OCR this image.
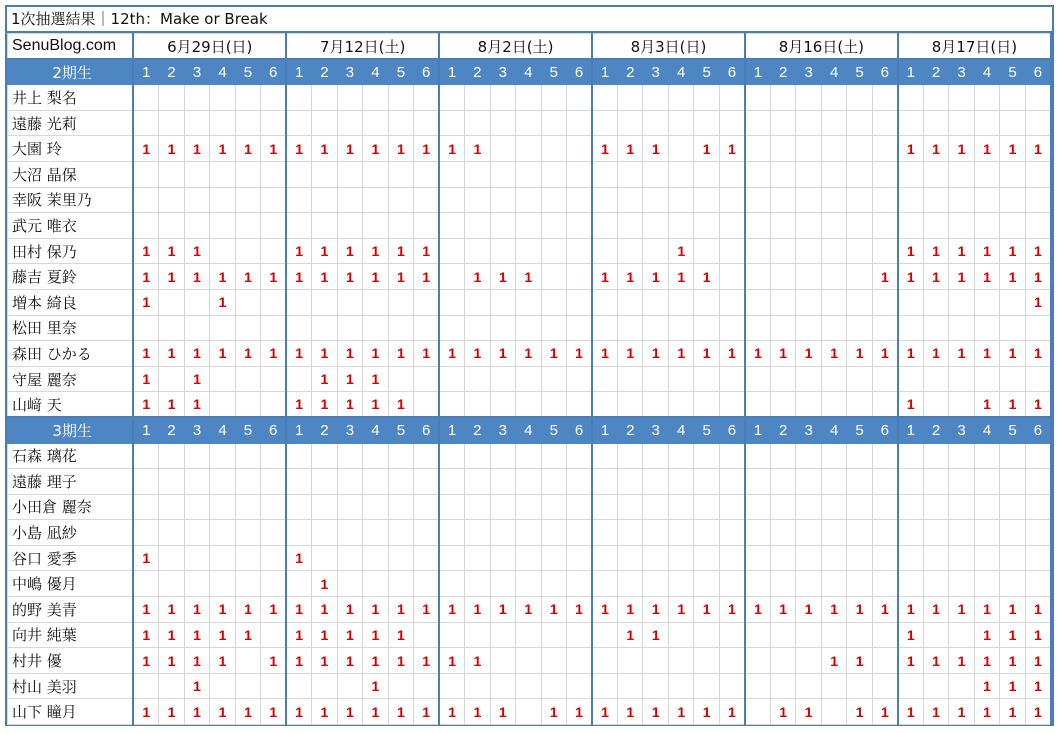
1次抽選結果｜12th：Make or Break
SenuBlog.com	6月29日(日)						7月12日(土)						8月2日(土)						8月3日(日)						8月16日(土)						8月17日(日)					
2期生	1	2	3	4	5	6	1	2	3	4	5	6	1	2	3	4	5	6	1	2	3	4	5	6	1	2	3	4	5	6	1	2	3	4	5	6
井上 梨名																																				
遠藤 光莉																																				
大園 玲	1	1	1	1	1	1	1	1	1	1	1	1	1	1					1	1	1		1	1							1	1	1	1	1	1
大沼 晶保																																				
幸阪 茉里乃																																				
武元 唯衣																																				
田村 保乃	1	1	1				1	1	1	1	1	1										1									1	1	1	1	1	1
藤吉 夏鈴	1	1	1	1	1	1	1	1	1	1	1	1		1	1	1			1	1	1	1	1							1	1	1	1	1	1	1
増本 綺良	1			1																																1
松田 里奈																																				
森田 ひかる	1	1	1	1	1	1	1	1	1	1	1	1	1	1	1	1	1	1	1	1	1	1	1	1	1	1	1	1	1	1	1	1	1	1	1	1
守屋 麗奈	1		1					1	1	1																										
山﨑 天	1	1	1				1	1	1	1	1																				1			1	1	1
3期生	1	2	3	4	5	6	1	2	3	4	5	6	1	2	3	4	5	6	1	2	3	4	5	6	1	2	3	4	5	6	1	2	3	4	5	6
石森 璃花																																				
遠藤 理子																																				
小田倉 麗奈																																				
小島 凪紗																																				
谷口 愛季	1						1																													
中嶋 優月								1																												
的野 美青	1	1	1	1	1	1	1	1	1	1	1	1	1	1	1	1	1	1	1	1	1	1	1	1	1	1	1	1	1	1	1	1	1	1	1	1
向井 純葉	1	1	1	1	1		1	1	1	1	1									1	1										1			1	1	1
村井 優	1	1	1	1		1	1	1	1	1	1	1	1	1														1	1		1	1	1	1	1	1
村山 美羽			1							1																								1	1	1
山下 瞳月	1	1	1	1	1	1	1	1	1	1	1	1	1	1	1		1	1	1	1	1	1	1	1		1	1		1	1	1	1	1	1	1	1
